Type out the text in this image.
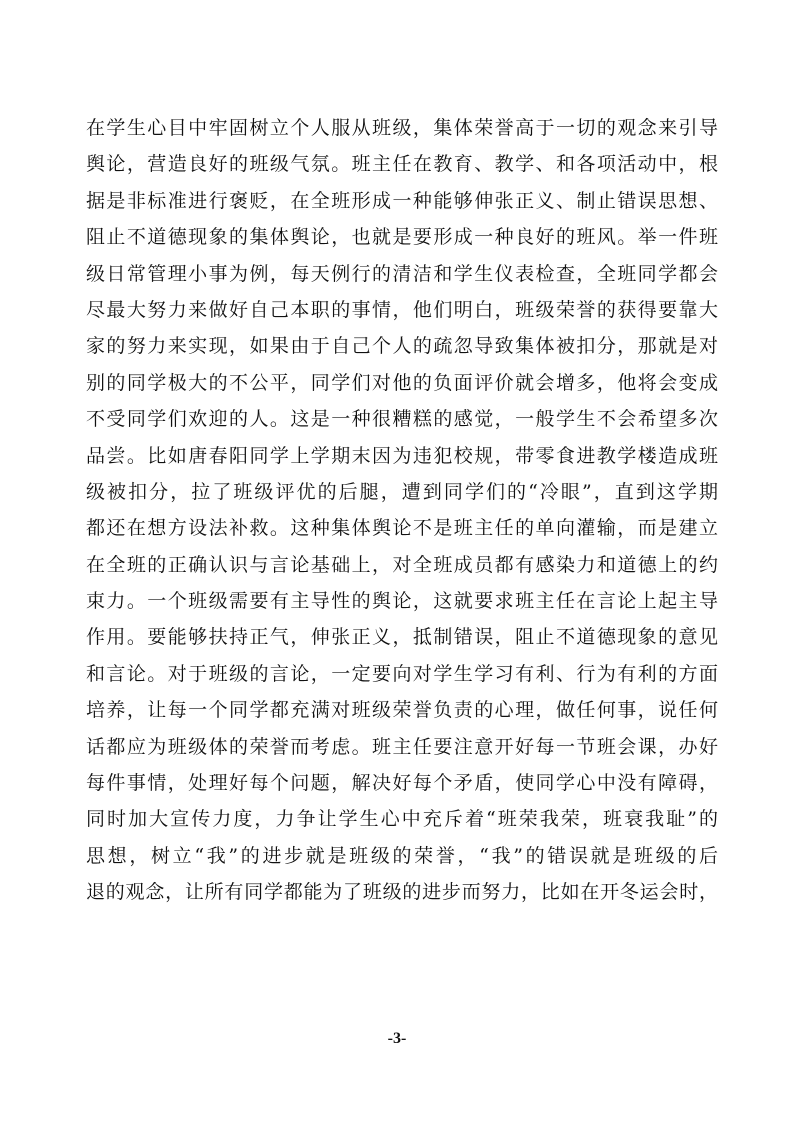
在学生心目中牢固树立个人服从班级，集体荣誉高于一切的观念来引导
舆论，营造良好的班级气氛。班主任在教育、教学、和各项活动中，根
据是非标准进行褒贬，在全班形成一种能够伸张正义、制止错误思想、
阻止不道德现象的集体舆论，也就是要形成一种良好的班风。举一件班
级日常管理小事为例，每天例行的清洁和学生仪表检查，全班同学都会
尽最大努力来做好自己本职的事情，他们明白，班级荣誉的获得要靠大
家的努力来实现，如果由于自己个人的疏忽导致集体被扣分，那就是对
别的同学极大的不公平，同学们对他的负面评价就会增多，他将会变成
不受同学们欢迎的人。这是一种很糟糕的感觉，一般学生不会希望多次
品尝。比如唐春阳同学上学期末因为违犯校规，带零食进教学楼造成班
级被扣分，拉了班级评优的后腿，遭到同学们的“冷眼”，直到这学期
都还在想方设法补救。这种集体舆论不是班主任的单向灌输，而是建立
在全班的正确认识与言论基础上，对全班成员都有感染力和道德上的约
束力。一个班级需要有主导性的舆论，这就要求班主任在言论上起主导
作用。要能够扶持正气，伸张正义，抵制错误，阻止不道德现象的意见
和言论。对于班级的言论，一定要向对学生学习有利、行为有利的方面
培养，让每一个同学都充满对班级荣誉负责的心理，做任何事，说任何
话都应为班级体的荣誉而考虑。班主任要注意开好每一节班会课，办好
每件事情，处理好每个问题，解决好每个矛盾，使同学心中没有障碍，
同时加大宣传力度，力争让学生心中充斥着“班荣我荣，班衰我耻”的
思想，树立“我”的进步就是班级的荣誉，“我”的错误就是班级的后
退的观念，让所有同学都能为了班级的进步而努力，比如在开冬运会时，
-3-
